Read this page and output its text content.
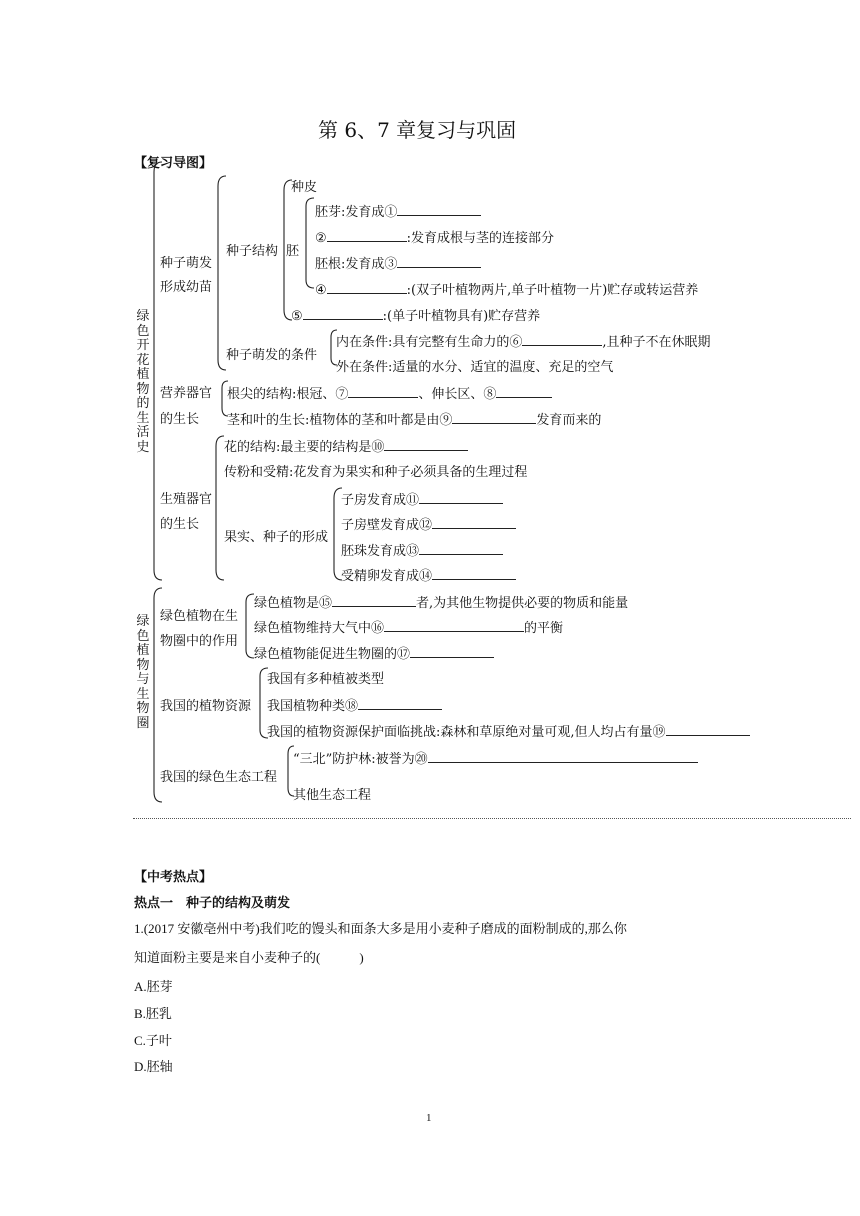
第 6、7 章复习与巩固
【复习导图】
绿色开花植物的生活史
种子萌发
形成幼苗
种子结构
种皮
胚
胚芽:发育成①
②	:发育成根与茎的连接部分
胚根:发育成③
④	:(双子叶植物两片,单子叶植物一片)贮存或转运营养
⑤	:(单子叶植物具有)贮存营养
种子萌发的条件
内在条件:具有完整有生命力的⑥	,且种子不在休眠期
外在条件:适量的水分、适宜的温度、充足的空气
营养器官
的生长
根尖的结构:根冠、⑦	、伸长区、⑧
茎和叶的生长:植物体的茎和叶都是由⑨	发育而来的
生殖器官
的生长
花的结构:最主要的结构是⑩
传粉和受精:花发育为果实和种子必须具备的生理过程
果实、种子的形成
子房发育成⑪
子房壁发育成⑫
胚珠发育成⑬
受精卵发育成⑭
绿色植物与生物圈
绿色植物在生
物圈中的作用
绿色植物是⑮	者,为其他生物提供必要的物质和能量
绿色植物维持大气中⑯	的平衡
绿色植物能促进生物圈的⑰
我国的植物资源
我国有多种植被类型
我国植物种类⑱
我国的植物资源保护面临挑战:森林和草原绝对量可观,但人均占有量⑲
我国的绿色生态工程
“三北”防护林:被誉为⑳
其他生态工程
【中考热点】
热点一　种子的结构及萌发
1.(2017 安徽亳州中考)我们吃的馒头和面条大多是用小麦种子磨成的面粉制成的,那么你
知道面粉主要是来自小麦种子的(　　　)
A.胚芽
B.胚乳
C.子叶
D.胚轴
1
